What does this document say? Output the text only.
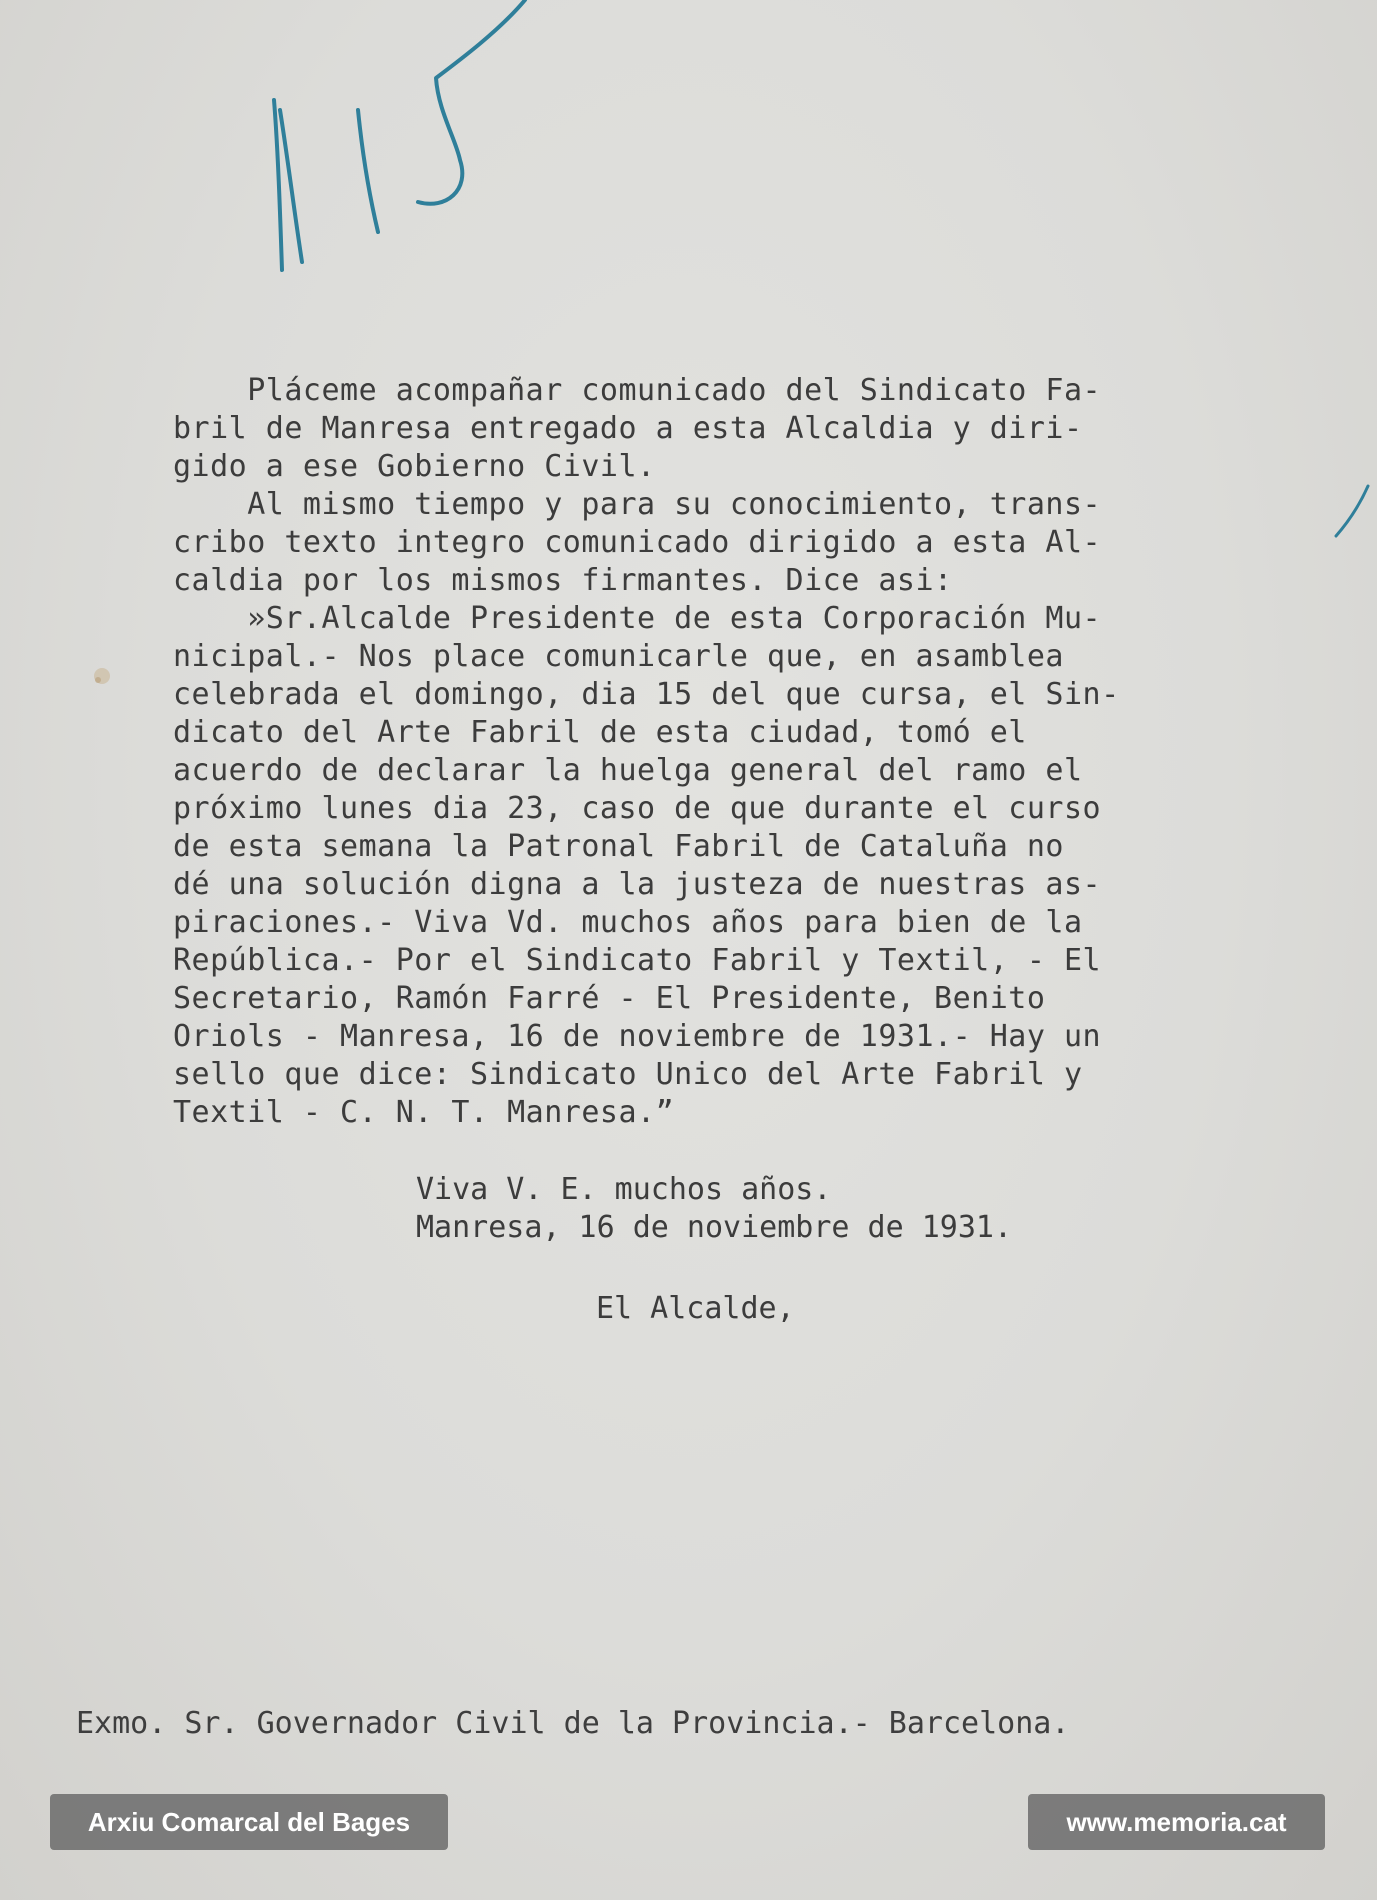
Pláceme acompañar comunicado del Sindicato Fa-

bril de Manresa entregado a esta Alcaldia y diri-

gido a ese Gobierno Civil.

Al mismo tiempo y para su conocimiento, trans-

cribo texto integro comunicado dirigido a esta Al-

caldia por los mismos firmantes. Dice asi:

»Sr.Alcalde Presidente de esta Corporación Mu-

nicipal.- Nos place comunicarle que, en asamblea

celebrada el domingo, dia 15 del que cursa, el Sin-

dicato del Arte Fabril de esta ciudad, tomó el

acuerdo de declarar la huelga general del ramo el

próximo lunes dia 23, caso de que durante el curso

de esta semana la Patronal Fabril de Cataluña no

dé una solución digna a la justeza de nuestras as-

piraciones.- Viva Vd. muchos años para bien de la

República.- Por el Sindicato Fabril y Textil, - El

Secretario, Ramón Farré - El Presidente, Benito

Oriols - Manresa, 16 de noviembre de 1931.- Hay un

sello que dice: Sindicato Unico del Arte Fabril y

Textil - C. N. T. Manresa.”

Viva V. E. muchos años.

Manresa, 16 de noviembre de 1931.

El Alcalde,
Exmo. Sr. Governador Civil de la Provincia.- Barcelona.
Arxiu Comarcal del Bages	www.memoria.cat
